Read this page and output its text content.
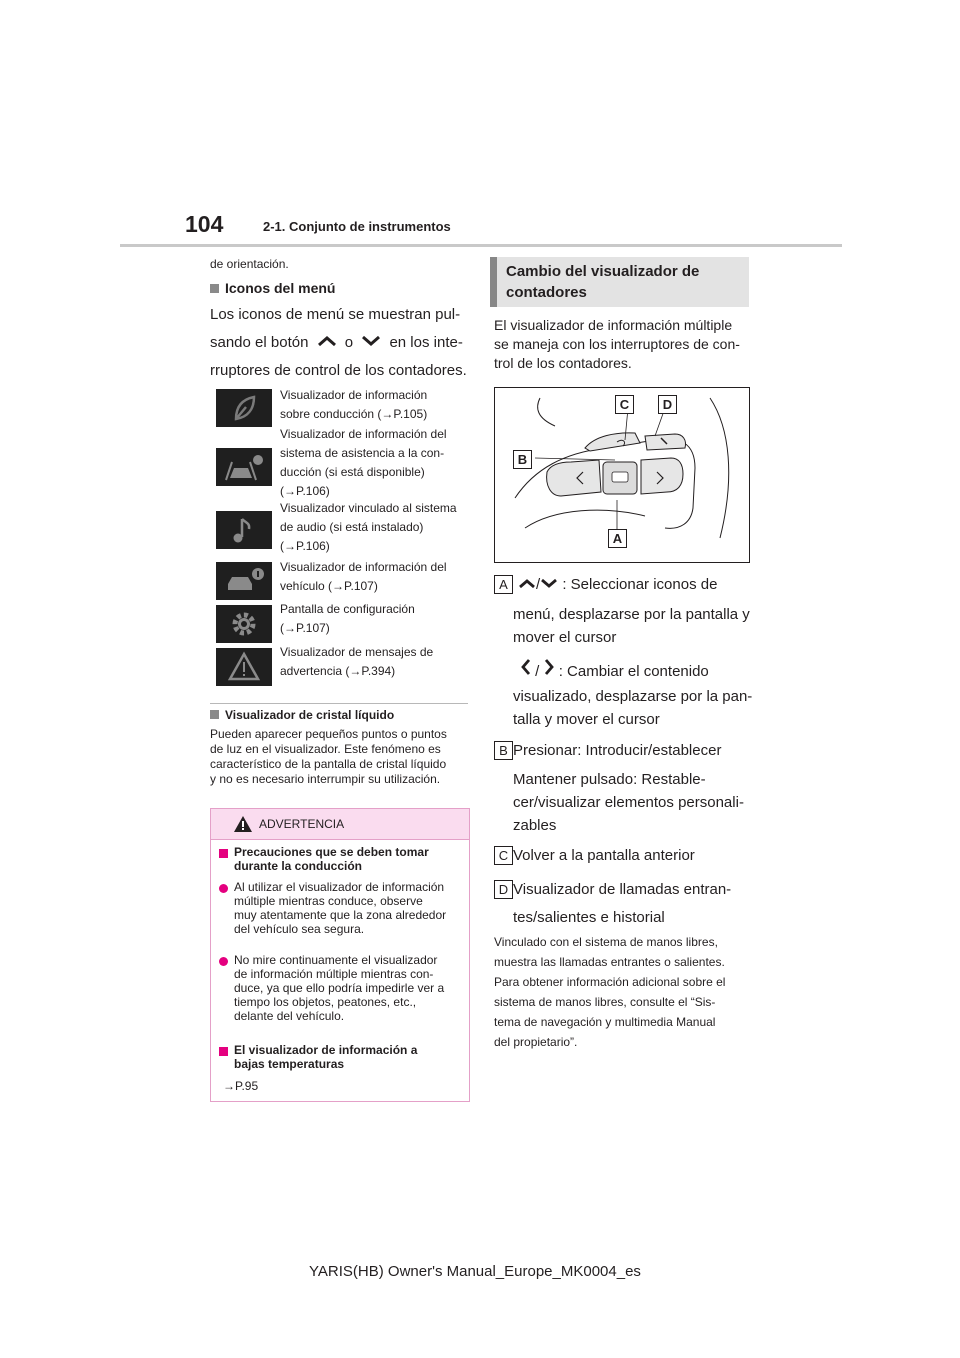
104	2-1. Conjunto de instrumentos
de orientación.
Iconos del menú
Los iconos de menú se muestran pul-
sando el botón o en los inte-
rruptores de control de los contadores.
Visualizador de información
sobre conducción (→P.105)
Visualizador de información del
sistema de asistencia a la con-
ducción (si está disponible)
(→P.106)
Visualizador vinculado al sistema
de audio (si está instalado)
(→P.106)
Visualizador de información del
vehículo (→P.107)
Pantalla de configuración
(→P.107)
Visualizador de mensajes de
advertencia (→P.394)
Visualizador de cristal líquido
Pueden aparecer pequeños puntos o puntos
de luz en el visualizador. Este fenómeno es
característico de la pantalla de cristal líquido
y no es necesario interrumpir su utilización.
ADVERTENCIA
Precauciones que se deben tomar
durante la conducción
Al utilizar el visualizador de información
múltiple mientras conduce, observe
muy atentamente que la zona alrededor
del vehículo sea segura.
No mire continuamente el visualizador
de información múltiple mientras con-
duce, ya que ello podría impedirle ver a
tiempo los objetos, peatones, etc.,
delante del vehículo.
El visualizador de información a
bajas temperaturas
→P.95
Cambio del visualizador de
contadores
El visualizador de información múltiple
se maneja con los interruptores de con-
trol de los contadores.
C	D
B
A
A	/ : Seleccionar iconos de
menú, desplazarse por la pantalla y
mover el cursor
/ : Cambiar el contenido
visualizado, desplazarse por la pan-
talla y mover el cursor
B Presionar: Introducir/establecer
Mantener pulsado: Restable-
cer/visualizar elementos personali-
zables
C Volver a la pantalla anterior
D Visualizador de llamadas entran-
tes/salientes e historial
Vinculado con el sistema de manos libres,
muestra las llamadas entrantes o salientes.
Para obtener información adicional sobre el
sistema de manos libres, consulte el “Sis-
tema de navegación y multimedia Manual
del propietario”.
YARIS(HB) Owner's Manual_Europe_MK0004_es
